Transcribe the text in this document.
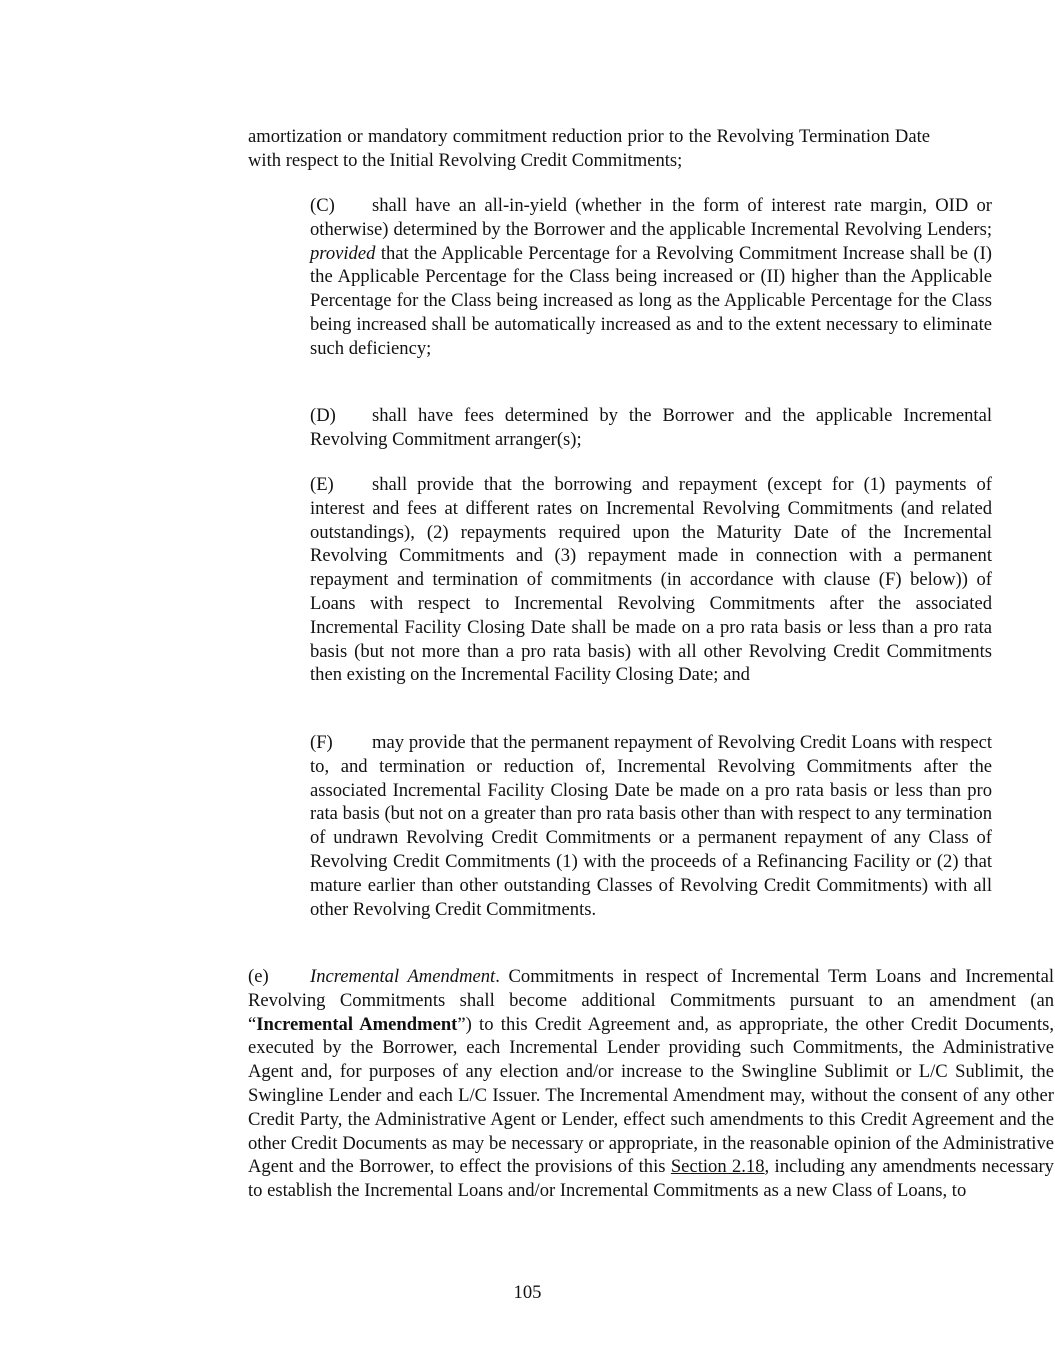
amortization or mandatory commitment reduction prior to the Revolving Termination Date with respect to the Initial Revolving Credit Commitments;

(C) shall have an all-in-yield (whether in the form of interest rate margin, OID or otherwise) determined by the Borrower and the applicable Incremental Revolving Lenders; provided that the Applicable Percentage for a Revolving Commitment Increase shall be (I) the Applicable Percentage for the Class being increased or (II) higher than the Applicable Percentage for the Class being increased as long as the Applicable Percentage for the Class being increased shall be automatically increased as and to the extent necessary to eliminate such deficiency;

(D) shall have fees determined by the Borrower and the applicable Incremental Revolving Commitment arranger(s);

(E) shall provide that the borrowing and repayment (except for (1) payments of interest and fees at different rates on Incremental Revolving Commitments (and related outstandings), (2) repayments required upon the Maturity Date of the Incremental Revolving Commitments and (3) repayment made in connection with a permanent repayment and termination of commitments (in accordance with clause (F) below)) of Loans with respect to Incremental Revolving Commitments after the associated Incremental Facility Closing Date shall be made on a pro rata basis or less than a pro rata basis (but not more than a pro rata basis) with all other Revolving Credit Commitments then existing on the Incremental Facility Closing Date; and

(F) may provide that the permanent repayment of Revolving Credit Loans with respect to, and termination or reduction of, Incremental Revolving Commitments after the associated Incremental Facility Closing Date be made on a pro rata basis or less than pro rata basis (but not on a greater than pro rata basis other than with respect to any termination of undrawn Revolving Credit Commitments or a permanent repayment of any Class of Revolving Credit Commitments (1) with the proceeds of a Refinancing Facility or (2) that mature earlier than other outstanding Classes of Revolving Credit Commitments) with all other Revolving Credit Commitments.

(e) Incremental Amendment. Commitments in respect of Incremental Term Loans and Incremental Revolving Commitments shall become additional Commitments pursuant to an amendment (an “Incremental Amendment”) to this Credit Agreement and, as appropriate, the other Credit Documents, executed by the Borrower, each Incremental Lender providing such Commitments, the Administrative Agent and, for purposes of any election and/or increase to the Swingline Sublimit or L/C Sublimit, the Swingline Lender and each L/C Issuer. The Incremental Amendment may, without the consent of any other Credit Party, the Administrative Agent or Lender, effect such amendments to this Credit Agreement and the other Credit Documents as may be necessary or appropriate, in the reasonable opinion of the Administrative Agent and the Borrower, to effect the provisions of this Section 2.18, including any amendments necessary to establish the Incremental Loans and/or Incremental Commitments as a new Class of Loans, to

105
